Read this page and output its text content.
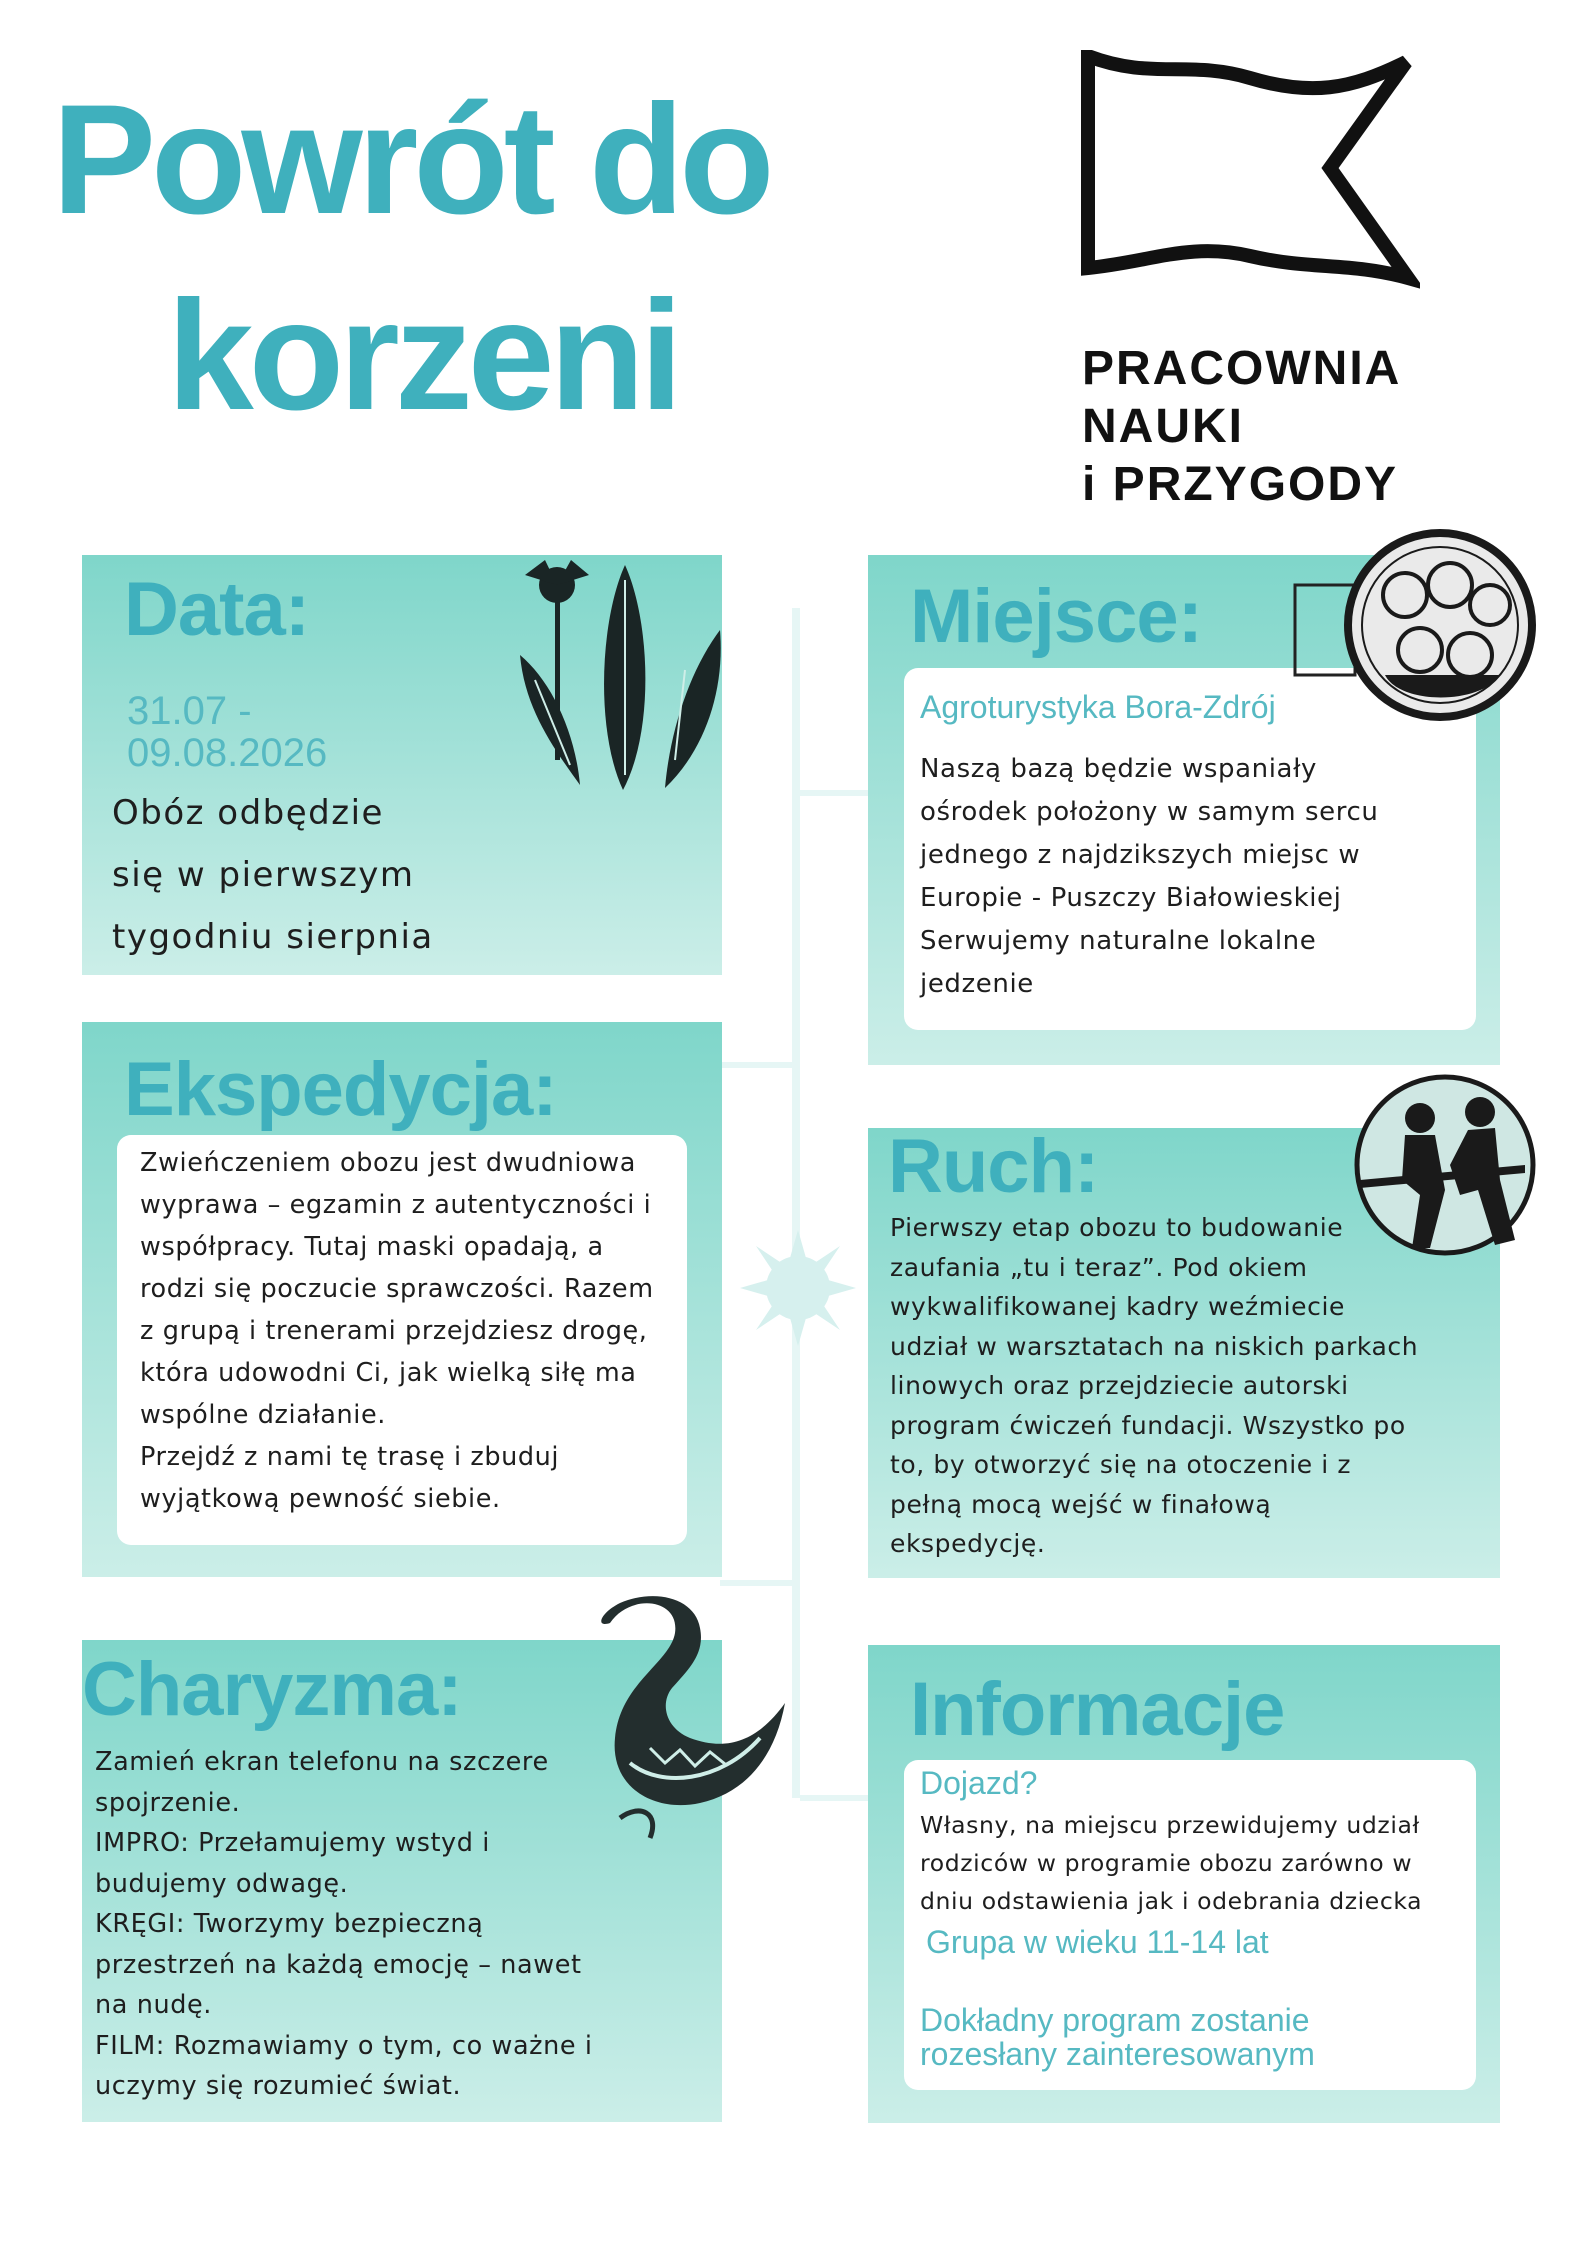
Powrót do
korzeni	PRACOWNIA
NAUKI
i PRZYGODY
Data:
31.07 -
09.08.2026
Obóz odbędzie
się w pierwszym
tygodniu sierpnia
Miejsce:
Agroturystyka Bora-Zdrój
Naszą bazą będzie wspaniały
ośrodek położony w samym sercu
jednego z najdzikszych miejsc w
Europie - Puszczy Białowieskiej
Serwujemy naturalne lokalne
jedzenie
Ekspedycja:
Zwieńczeniem obozu jest dwudniowa
wyprawa – egzamin z autentyczności i
współpracy. Tutaj maski opadają, a
rodzi się poczucie sprawczości. Razem
z grupą i trenerami przejdziesz drogę,
która udowodni Ci, jak wielką siłę ma
wspólne działanie.
Przejdź z nami tę trasę i zbuduj
wyjątkową pewność siebie.
Ruch:
Pierwszy etap obozu to budowanie
zaufania „tu i teraz”. Pod okiem
wykwalifikowanej kadry weźmiecie
udział w warsztatach na niskich parkach
linowych oraz przejdziecie autorski
program ćwiczeń fundacji. Wszystko po
to, by otworzyć się na otoczenie i z
pełną mocą wejść w finałową
ekspedycję.
Charyzma:
Zamień ekran telefonu na szczere
spojrzenie.
IMPRO: Przełamujemy wstyd i
budujemy odwagę.
KRĘGI: Tworzymy bezpieczną
przestrzeń na każdą emocję – nawet
na nudę.
FILM: Rozmawiamy o tym, co ważne i
uczymy się rozumieć świat.
Informacje
Dojazd?
Własny, na miejscu przewidujemy udział
rodziców w programie obozu zarówno w
dniu odstawienia jak i odebrania dziecka
Grupa w wieku 11-14 lat
Dokładny program zostanie
rozesłany zainteresowanym
